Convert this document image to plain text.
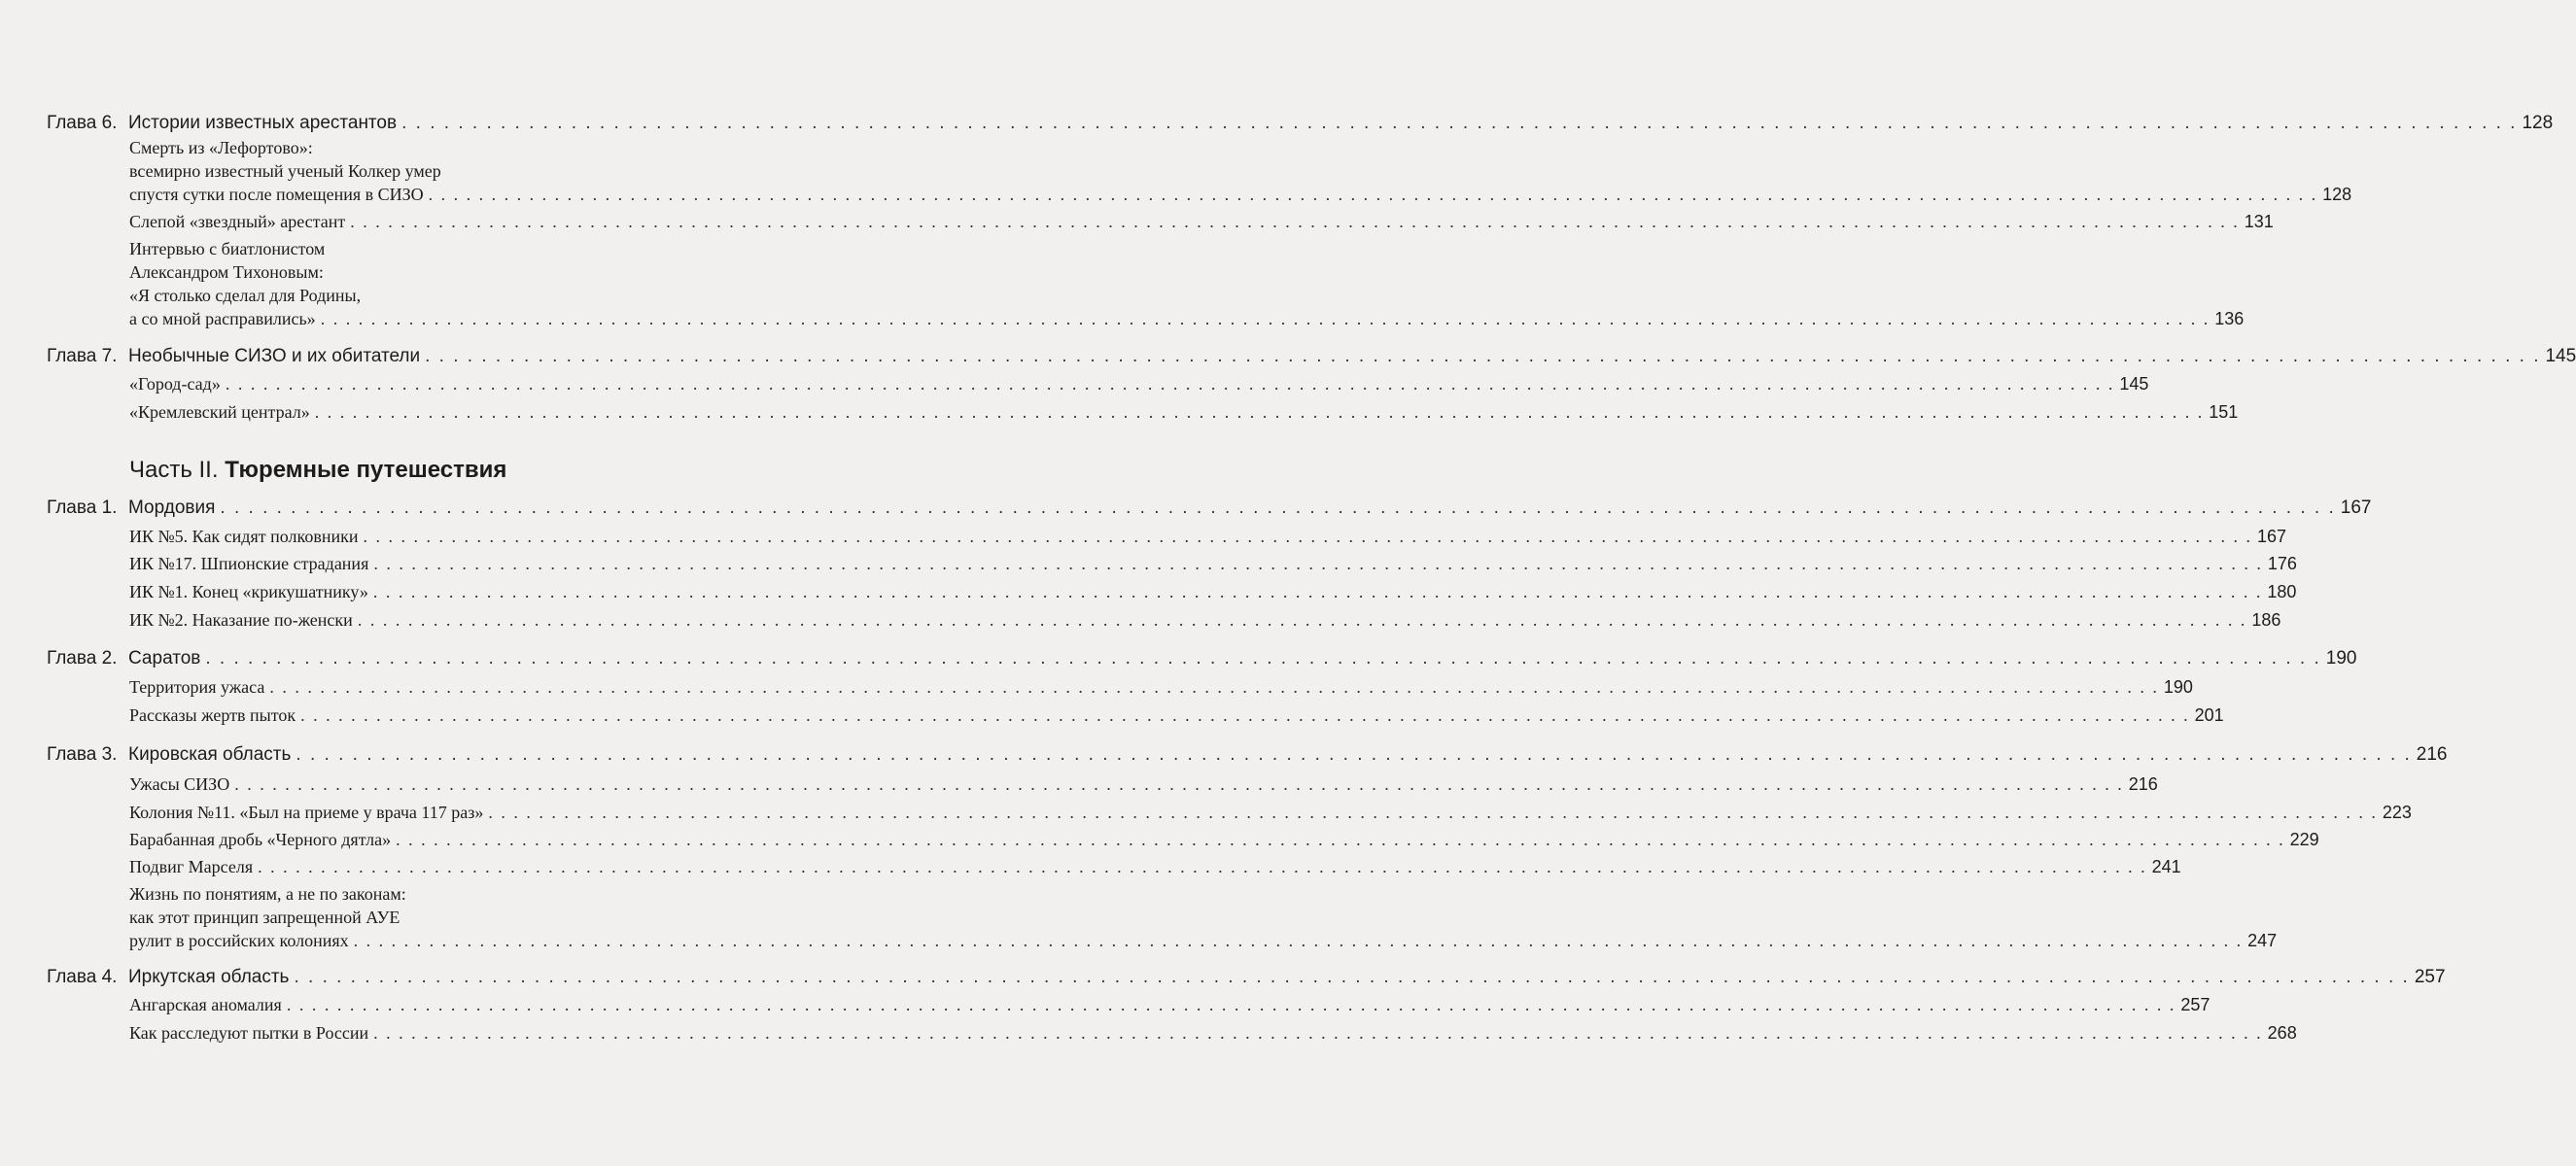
Глава 6. Истории известных арестантов . . .	128
Смерть из «Лефортово»:
всемирно известный ученый Колкер умер
спустя сутки после помещения в СИЗО . . .	128
Слепой «звездный» арестант . . .	131
Интервью с биатлонистом
Александром Тихоновым:
«Я столько сделал для Родины,
а со мной расправились» . . .	136
Глава 7. Необычные СИЗО и их обитатели . . .	145
«Город-сад» . . .	145
«Кремлевский централ» . . .	151
Часть II. Тюремные путешествия
Глава 1. Мордовия . . .	167
ИК №5. Как сидят полковники . . .	167
ИК №17. Шпионские страдания . . .	176
ИК №1. Конец «крикушатнику» . . .	180
ИК №2. Наказание по-женски . . .	186
Глава 2. Саратов . . .	190
Территория ужаса . . .	190
Рассказы жертв пыток . . .	201
Глава 3. Кировская область . . .	216
Ужасы СИЗО . . .	216
Колония №11. «Был на приеме у врача 117 раз» . . .	223
Барабанная дробь «Черного дятла» . . .	229
Подвиг Марселя . . .	241
Жизнь по понятиям, а не по законам:
как этот принцип запрещенной АУЕ
рулит в российских колониях . . .	247
Глава 4. Иркутская область . . .	257
Ангарская аномалия . . .	257
Как расследуют пытки в России . . .	268
